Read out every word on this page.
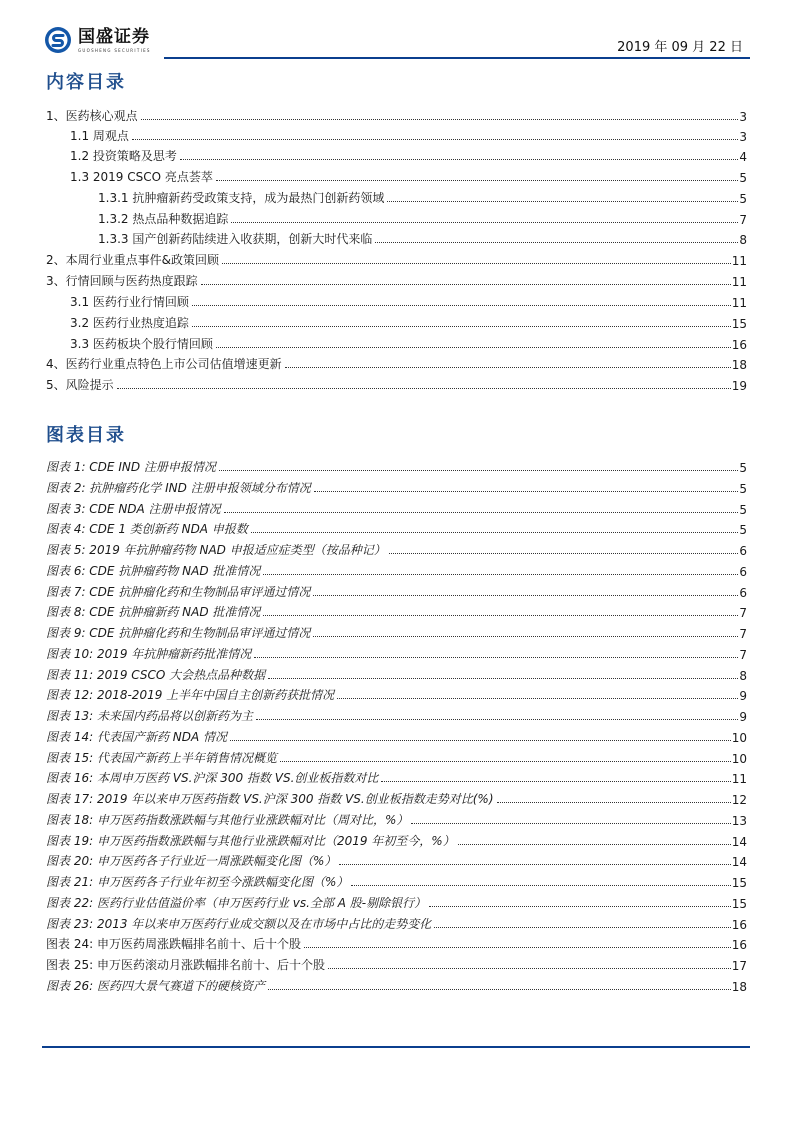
国盛证券
GUOSHENG SECURITIES	2019 年 09 月 22 日
内容目录
1、医药核心观点	3
1.1 周观点	3
1.2 投资策略及思考	4
1.3 2019 CSCO 亮点荟萃	5
1.3.1 抗肿瘤新药受政策支持，成为最热门创新药领域	5
1.3.2 热点品种数据追踪	7
1.3.3 国产创新药陆续进入收获期，创新大时代来临	8
2、本周行业重点事件&政策回顾	11
3、行情回顾与医药热度跟踪	11
3.1 医药行业行情回顾	11
3.2 医药行业热度追踪	15
3.3 医药板块个股行情回顾	16
4、医药行业重点特色上市公司估值增速更新	18
5、风险提示	19
图表目录
图表 1: CDE IND 注册申报情况	5
图表 2: 抗肿瘤药化学 IND 注册申报领域分布情况	5
图表 3: CDE NDA 注册申报情况	5
图表 4: CDE 1 类创新药 NDA 申报数	5
图表 5: 2019 年抗肿瘤药物 NAD 申报适应症类型（按品种记）	6
图表 6: CDE 抗肿瘤药物 NAD 批准情况	6
图表 7: CDE 抗肿瘤化药和生物制品审评通过情况	6
图表 8: CDE 抗肿瘤新药 NAD 批准情况	7
图表 9: CDE 抗肿瘤化药和生物制品审评通过情况	7
图表 10: 2019 年抗肿瘤新药批准情况	7
图表 11: 2019 CSCO 大会热点品种数据	8
图表 12: 2018-2019 上半年中国自主创新药获批情况	9
图表 13: 未来国内药品将以创新药为主	9
图表 14: 代表国产新药 NDA 情况	10
图表 15: 代表国产新药上半年销售情况概览	10
图表 16: 本周申万医药 VS.沪深 300 指数 VS.创业板指数对比	11
图表 17: 2019 年以来申万医药指数 VS.沪深 300 指数 VS.创业板指数走势对比(%)	12
图表 18: 申万医药指数涨跌幅与其他行业涨跌幅对比（周对比，%）	13
图表 19: 申万医药指数涨跌幅与其他行业涨跌幅对比（2019 年初至今，%）	14
图表 20: 申万医药各子行业近一周涨跌幅变化图（%）	14
图表 21: 申万医药各子行业年初至今涨跌幅变化图（%）	15
图表 22: 医药行业估值溢价率（申万医药行业 vs.全部 A 股-剔除银行）	15
图表 23: 2013 年以来申万医药行业成交额以及在市场中占比的走势变化	16
图表 24: 申万医药周涨跌幅排名前十、后十个股	16
图表 25: 申万医药滚动月涨跌幅排名前十、后十个股	17
图表 26: 医药四大景气赛道下的硬核资产	18
